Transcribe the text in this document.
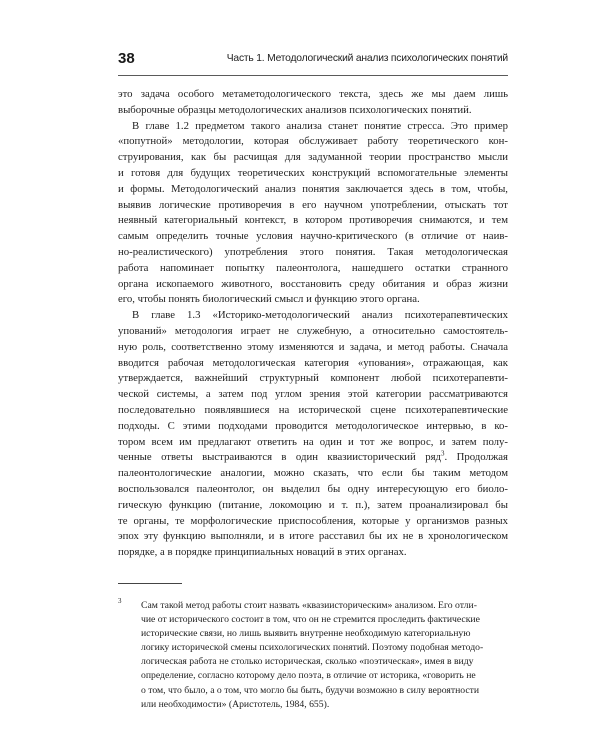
38	Часть 1. Методологический анализ психологических понятий

это задача особого метаметодологического текста, здесь же мы даем лишь
выборочные образцы методологических анализов психологических понятий.

В главе 1.2 предметом такого анализа станет понятие стресса. Это пример
«попутной» методологии, которая обслуживает работу теоретического кон-
струирования, как бы расчищая для задуманной теории пространство мысли
и готовя для будущих теоретических конструкций вспомогательные элементы
и формы. Методологический анализ понятия заключается здесь в том, чтобы,
выявив логические противоречия в его научном употреблении, отыскать тот
неявный категориальный контекст, в котором противоречия снимаются, и тем
самым определить точные условия научно-критического (в отличие от наив-
но-реалистического) употребления этого понятия. Такая методологическая
работа напоминает попытку палеонтолога, нашедшего остатки странного
органа ископаемого животного, восстановить среду обитания и образ жизни
его, чтобы понять биологический смысл и функцию этого органа.

В главе 1.3 «Историко-методологический анализ психотерапевтических
упований» методология играет не служебную, а относительно самостоятель-
ную роль, соответственно этому изменяются и задача, и метод работы. Сначала
вводится рабочая методологическая категория «упования», отражающая, как
утверждается, важнейший структурный компонент любой психотерапевти-
ческой системы, а затем под углом зрения этой категории рассматриваются
последовательно появлявшиеся на исторической сцене психотерапевтические
подходы. С этими подходами проводится методологическое интервью, в ко-
тором всем им предлагают ответить на один и тот же вопрос, и затем полу-
ченные ответы выстраиваются в один квазиисторический ряд$^3$. Продолжая
палеонтологические аналогии, можно сказать, что если бы таким методом
воспользовался палеонтолог, он выделил бы одну интересующую его биоло-
гическую функцию (питание, локомоцию и т. п.), затем проанализировал бы
те органы, те морфологические приспособления, которые у организмов разных
эпох эту функцию выполняли, и в итоге расставил бы их не в хронологическом
порядке, а в порядке принципиальных новаций в этих органах.

3 Сам такой метод работы стоит назвать «квазиисторическим» анализом. Его отли-
чие от исторического состоит в том, что он не стремится проследить фактические
исторические связи, но лишь выявить внутренне необходимую категориальную
логику исторической смены психологических понятий. Поэтому подобная методо-
логическая работа не столько историческая, сколько «поэтическая», имея в виду
определение, согласно которому дело поэта, в отличие от историка, «говорить не
о том, что было, а о том, что могло бы быть, будучи возможно в силу вероятности
или необходимости» (Аристотель, 1984, 655).
